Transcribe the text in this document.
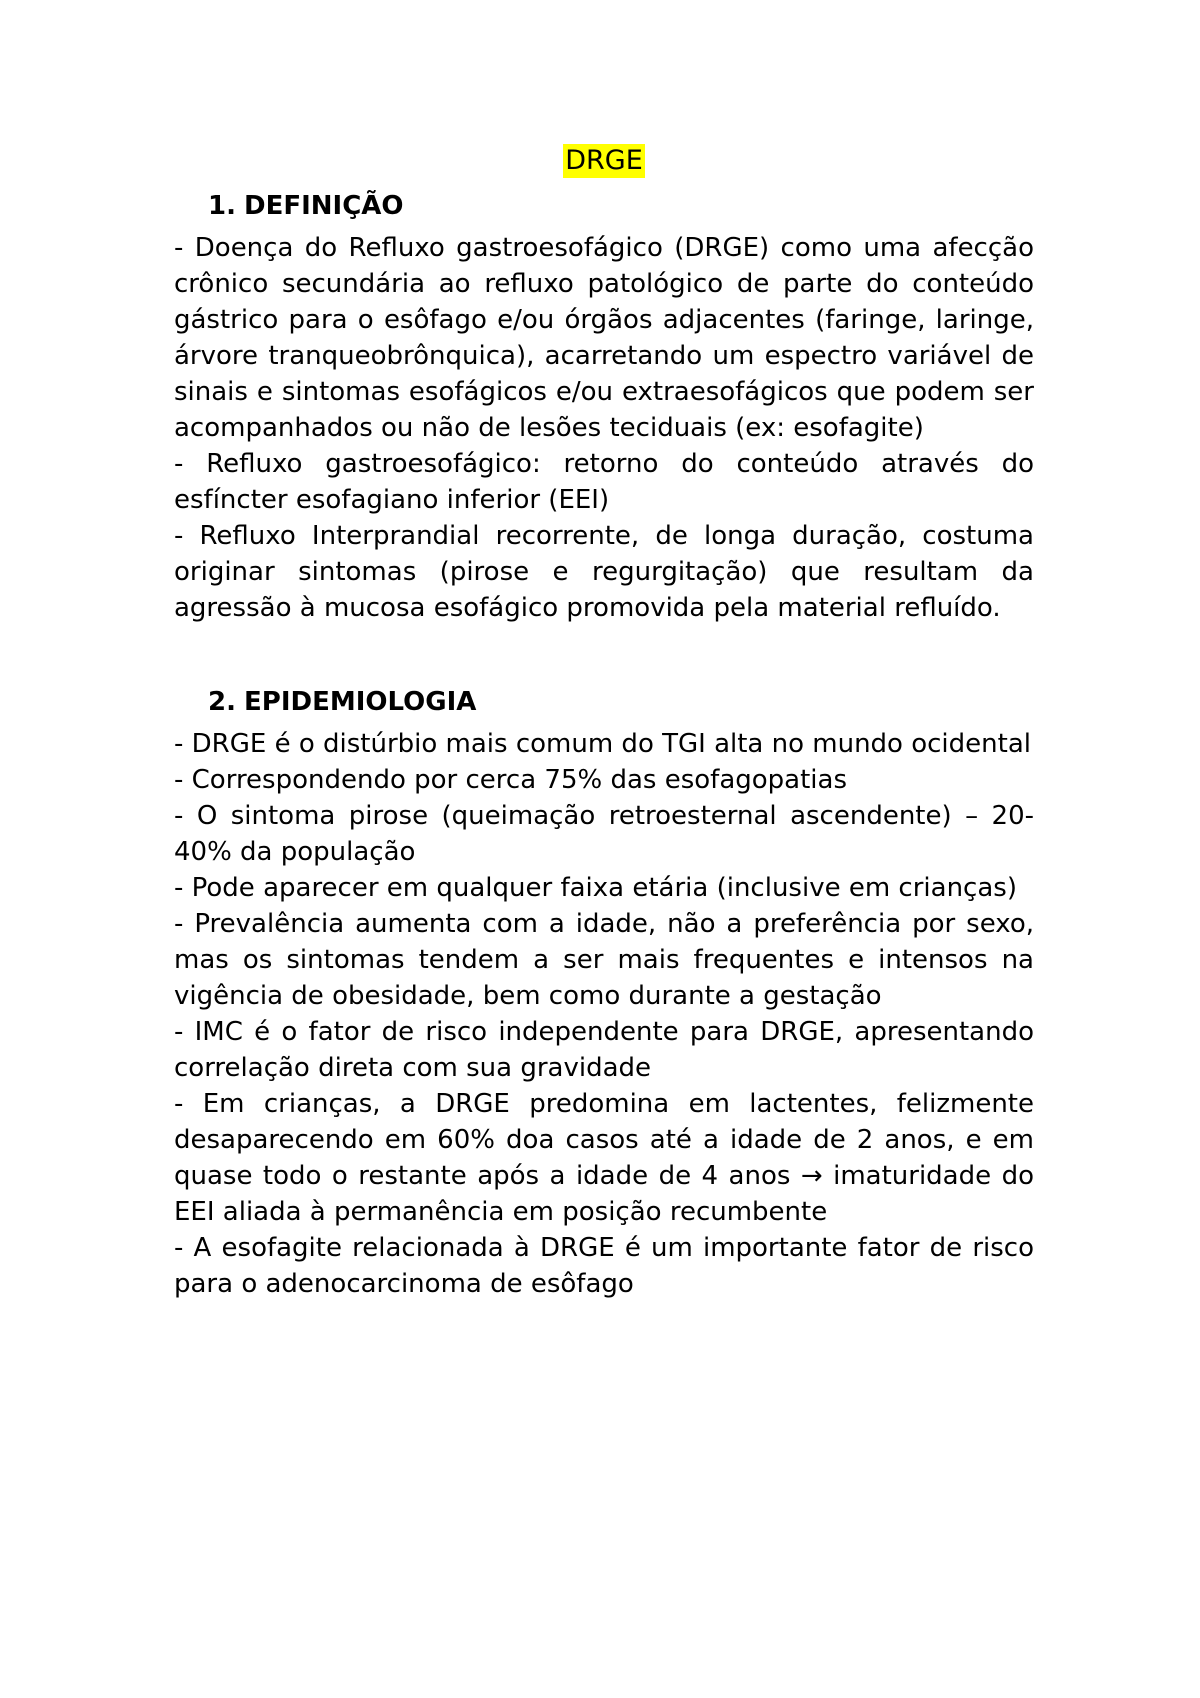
DRGE
1. DEFINIÇÃO

- Doença do Refluxo gastroesofágico (DRGE) como uma afecção crônico secundária ao refluxo patológico de parte do conteúdo gástrico para o esôfago e/ou órgãos adjacentes (faringe, laringe, árvore tranqueobrônquica), acarretando um espectro variável de sinais e sintomas esofágicos e/ou extraesofágicos que podem ser acompanhados ou não de lesões teciduais (ex: esofagite)

- Refluxo gastroesofágico: retorno do conteúdo através do esfíncter esofagiano inferior (EEI)

- Refluxo Interprandial recorrente, de longa duração, costuma originar sintomas (pirose e regurgitação) que resultam da agressão à mucosa esofágico promovida pela material refluído.

2. EPIDEMIOLOGIA

- DRGE é o distúrbio mais comum do TGI alta no mundo ocidental

- Correspondendo por cerca 75% das esofagopatias

- O sintoma pirose (queimação retroesternal ascendente) – 20-40% da população

- Pode aparecer em qualquer faixa etária (inclusive em crianças)

- Prevalência aumenta com a idade, não a preferência por sexo, mas os sintomas tendem a ser mais frequentes e intensos na vigência de obesidade, bem como durante a gestação

- IMC é o fator de risco independente para DRGE, apresentando correlação direta com sua gravidade

- Em crianças, a DRGE predomina em lactentes, felizmente desaparecendo em 60% doa casos até a idade de 2 anos, e em quase todo o restante após a idade de 4 anos → imaturidade do EEI aliada à permanência em posição recumbente

- A esofagite relacionada à DRGE é um importante fator de risco para o adenocarcinoma de esôfago
